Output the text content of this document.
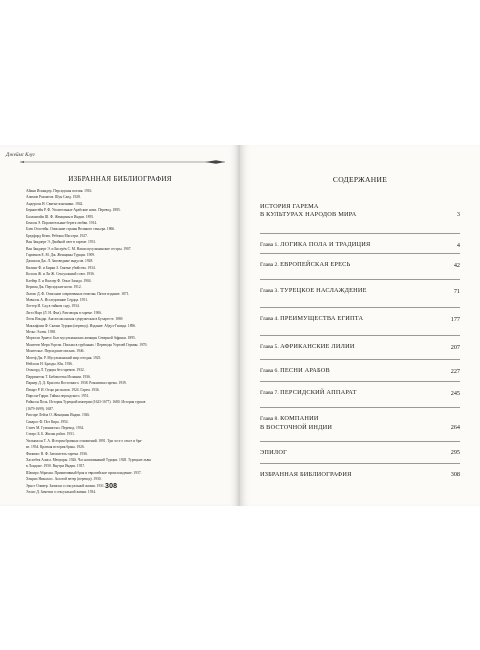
Джеймс Клуг
ИЗБРАННАЯ БИБЛИОГРАФИЯ
Айани Искандер. Персидская поэзия. 1916.
Алимов Рахматов. Шун Саид. 1928.
Андерсон Н. Святые язычники. 1942.
Бернштейн Р. Ф. Упоительные Арабские ночи. Перевод. 1885.
Баллантайн Ш. Ф. Женщины в Индии. 1895.
Бенсон Э. Поразительные берега любви. 1914.
Блек Огастейн. Описание страны Великого сеньора. 1866.
Бредфорд Кемп. Ребекка Массери. 1927.
Ван Зандаерт Э. Двойной свет в гареме. 1931.
Ван Зандаерт Э. и Бистрёк С. М. Наши мусульманские сестры. 1907.
Гарменов Е. М. Дж. Женщины Турции. 1909.
Джонсон Дж. Л. Заповедные индусов. 1928.
Килинг Ф. и Бирки З. Святые убийства. 1934.
Колсон Ж. и Ли Ж. Сексуальный союз. 1936.
Клейер Л. и Виллер Ф. Опыт Запада. 1904.
Кермон Дж. Персидские ночи. 1912.
Льюис Д. Ф. Описание современных египтян. Пятое издание. 1871.
Мавалль А. Исследование Сердца. 1951.
Лоттер И. Сад в тайном саду. 1934.
Литл Нарт (Л. Н. Фил). Разговоры в гареме. 1906.
Лоты Ильдар. Англосаксонская супружеская в Бухаресте. 1869.
Маклафлин Ф. Сказки Турции (перевод). Издание: Абдул-Гамида. 1896.
Мельс Эллен. 1938.
Морелли Эрнест. Быт мусульманских женщин Северной Африки. 1895.
Монтегю Мери Уортли. Письма в турбаннах / Переводы Уортлей Гермин. 1970.
Монтескье. Персидские письма. 1946.
Мотеф Дж. Р. Мусульманский мир сегодня. 1925.
Нейлсон Н. Бразды. Юн. 1936.
Огжоорд Л. Турция без гаремов. 1932.
Паррингтон Т. Библиотека Испании. 1936.
Парнер Д. Д. Красоты Восточного. 1938. Романтика гарема. 1939.
Пекарт Р. И. Отцы рассказов. 1924. Гарем. 1936.
Пирсон-Гарри. Тайны персидского. 1951.
Райнсон Поль. История Турецкой империи (1623-1677). 1680. История турков
(1679-1699). 1687.
Рисгаре Лейла О. Женщины Индии. 1926.
Сакарос Ф. Пот Кира. 1954.
Ститч М. Гуманистыэ. Перевод. 1934.
Стеарс Б. Б. Жизнь рабов. 1931.
Уильямсон Т. А. История брачных отношений. 1891. Три эссе о сексе и бра-
ке. 1934. Краткая история брака. 1926.
Филиппс В. Ф. Затопитель гарема. 1936.
Хаселбек Алиса. Мемуары. 1926. Час напоминаний Турции. 1928. Турецкие львы
в Лондоне. 1950. Внутри Индии. 1937.
Шапиро Абрахам. Примитивный брак и европейское происхождение. 1937.
Хенрих Николасс. Золотой ветер (перевод). 1930.
Эрнст Оливер. Записки о сексуальной жизни. 1931.
Эллис Д. Заметки о сексуальной жизни. 1934.
308
СОДЕРЖАНИЕ
ИСТОРИЯ ГАРЕМА
В КУЛЬТУРАХ НАРОДОВ МИРА	3
Глава 1. ЛОГИКА ПОЛА И ТРАДИЦИЯ	4
Глава 2. ЕВРОПЕЙСКАЯ ЕРЕСЬ	42
Глава 3. ТУРЕЦКОЕ НАСЛАЖДЕНИЕ	71
Глава 4. ПРЕИМУЩЕСТВА ЕГИПТА	177
Глава 5. АФРИКАНСКИЕ ЛИЛИИ	207
Глава 6. ПЕСНИ АРАБОВ	227
Глава 7. ПЕРСИДСКИЙ АППАРАТ	245
Глава 8. КОМПАНИИ
В ВОСТОЧНОЙ ИНДИИ	264
ЭПИЛОГ	295
ИЗБРАННАЯ БИБЛИОГРАФИЯ	308
